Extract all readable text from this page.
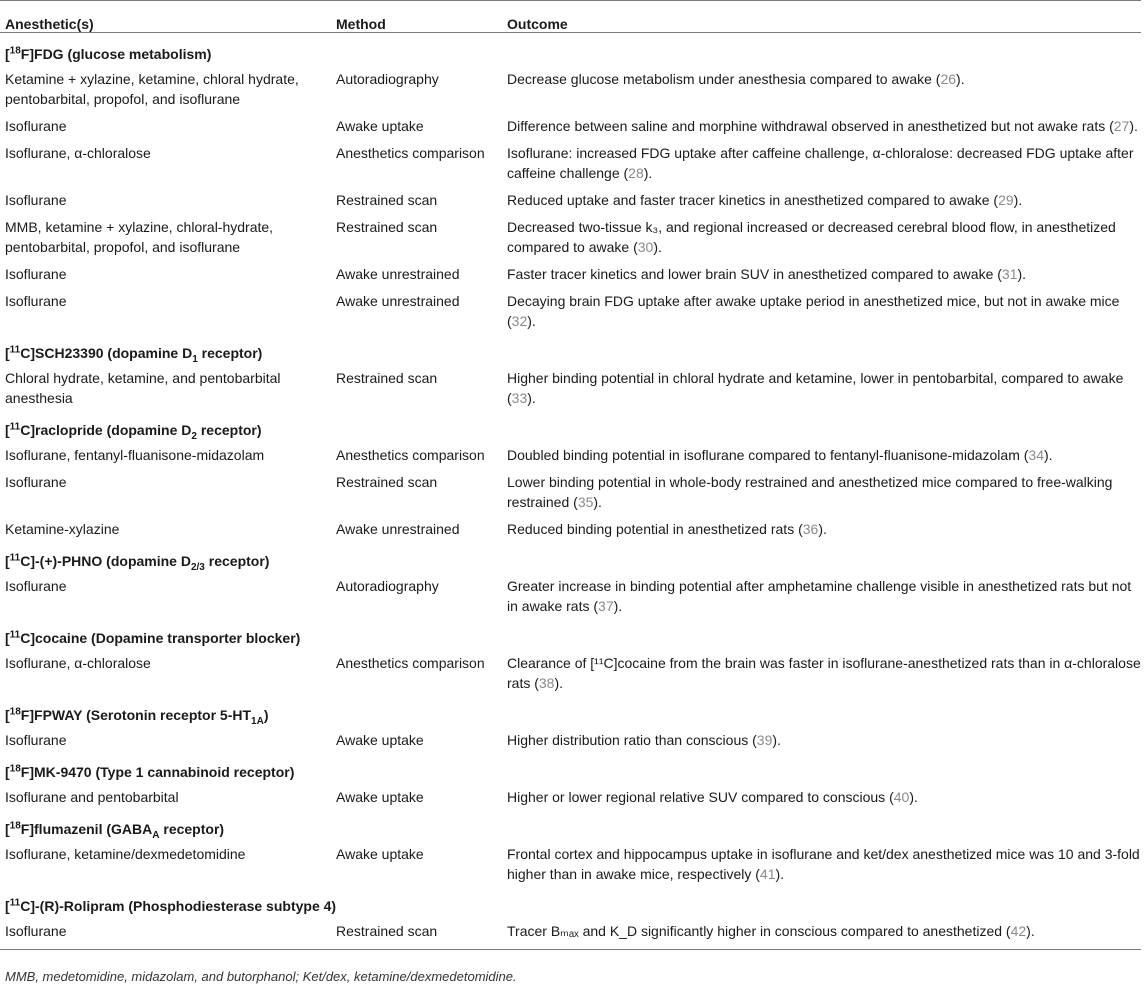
Anesthetic(s)	Method	Outcome
[$^{18}$F]FDG (glucose metabolism)		
Ketamine + xylazine, ketamine, chloral hydrate, pentobarbital, propofol, and isoflurane	Autoradiography	Decrease glucose metabolism under anesthesia compared to awake (26).
Isoflurane	Awake uptake	Difference between saline and morphine withdrawal observed in anesthetized but not awake rats (27).
Isoflurane, α-chloralose	Anesthetics comparison	Isoflurane: increased FDG uptake after caffeine challenge, α-chloralose: decreased FDG uptake after caffeine challenge (28).
Isoflurane	Restrained scan	Reduced uptake and faster tracer kinetics in anesthetized compared to awake (29).
MMB, ketamine + xylazine, chloral-hydrate, pentobarbital, propofol, and isoflurane	Restrained scan	Decreased two-tissue k₃, and regional increased or decreased cerebral blood flow, in anesthetized compared to awake (30).
Isoflurane	Awake unrestrained	Faster tracer kinetics and lower brain SUV in anesthetized compared to awake (31).
Isoflurane	Awake unrestrained	Decaying brain FDG uptake after awake uptake period in anesthetized mice, but not in awake mice (32).
[$^{11}$C]SCH23390 (dopamine $D_1$ receptor)		
Chloral hydrate, ketamine, and pentobarbital anesthesia	Restrained scan	Higher binding potential in chloral hydrate and ketamine, lower in pentobarbital, compared to awake (33).
[$^{11}$C]raclopride (dopamine $D_2$ receptor)		
Isoflurane, fentanyl-fluanisone-midazolam	Anesthetics comparison	Doubled binding potential in isoflurane compared to fentanyl-fluanisone-midazolam (34).
Isoflurane	Restrained scan	Lower binding potential in whole-body restrained and anesthetized mice compared to free-walking restrained (35).
Ketamine-xylazine	Awake unrestrained	Reduced binding potential in anesthetized rats (36).
[$^{11}$C]-(+)-PHNO (dopamine $D_{2/3}$ receptor)		
Isoflurane	Autoradiography	Greater increase in binding potential after amphetamine challenge visible in anesthetized rats but not in awake rats (37).
[$^{11}$C]cocaine (Dopamine transporter blocker)		
Isoflurane, α-chloralose	Anesthetics comparison	Clearance of [¹¹C]cocaine from the brain was faster in isoflurane-anesthetized rats than in α-chloralose rats (38).
[$^{18}$F]FPWAY (Serotonin receptor $5-HT_{1A}$)		
Isoflurane	Awake uptake	Higher distribution ratio than conscious (39).
[$^{18}$F]MK-9470 (Type 1 cannabinoid receptor)		
Isoflurane and pentobarbital	Awake uptake	Higher or lower regional relative SUV compared to conscious (40).
[$^{18}$F]flumazenil ($GABA_A$ receptor)		
Isoflurane, ketamine/dexmedetomidine	Awake uptake	Frontal cortex and hippocampus uptake in isoflurane and ket/dex anesthetized mice was 10 and 3-fold higher than in awake mice, respectively (41).
[$^{11}$C]-(R)-Rolipram (Phosphodiesterase subtype 4)		
Isoflurane	Restrained scan	Tracer Bₘₐₓ and K_D significantly higher in conscious compared to anesthetized (42).
MMB, medetomidine, midazolam, and butorphanol; Ket/dex, ketamine/dexmedetomidine.
